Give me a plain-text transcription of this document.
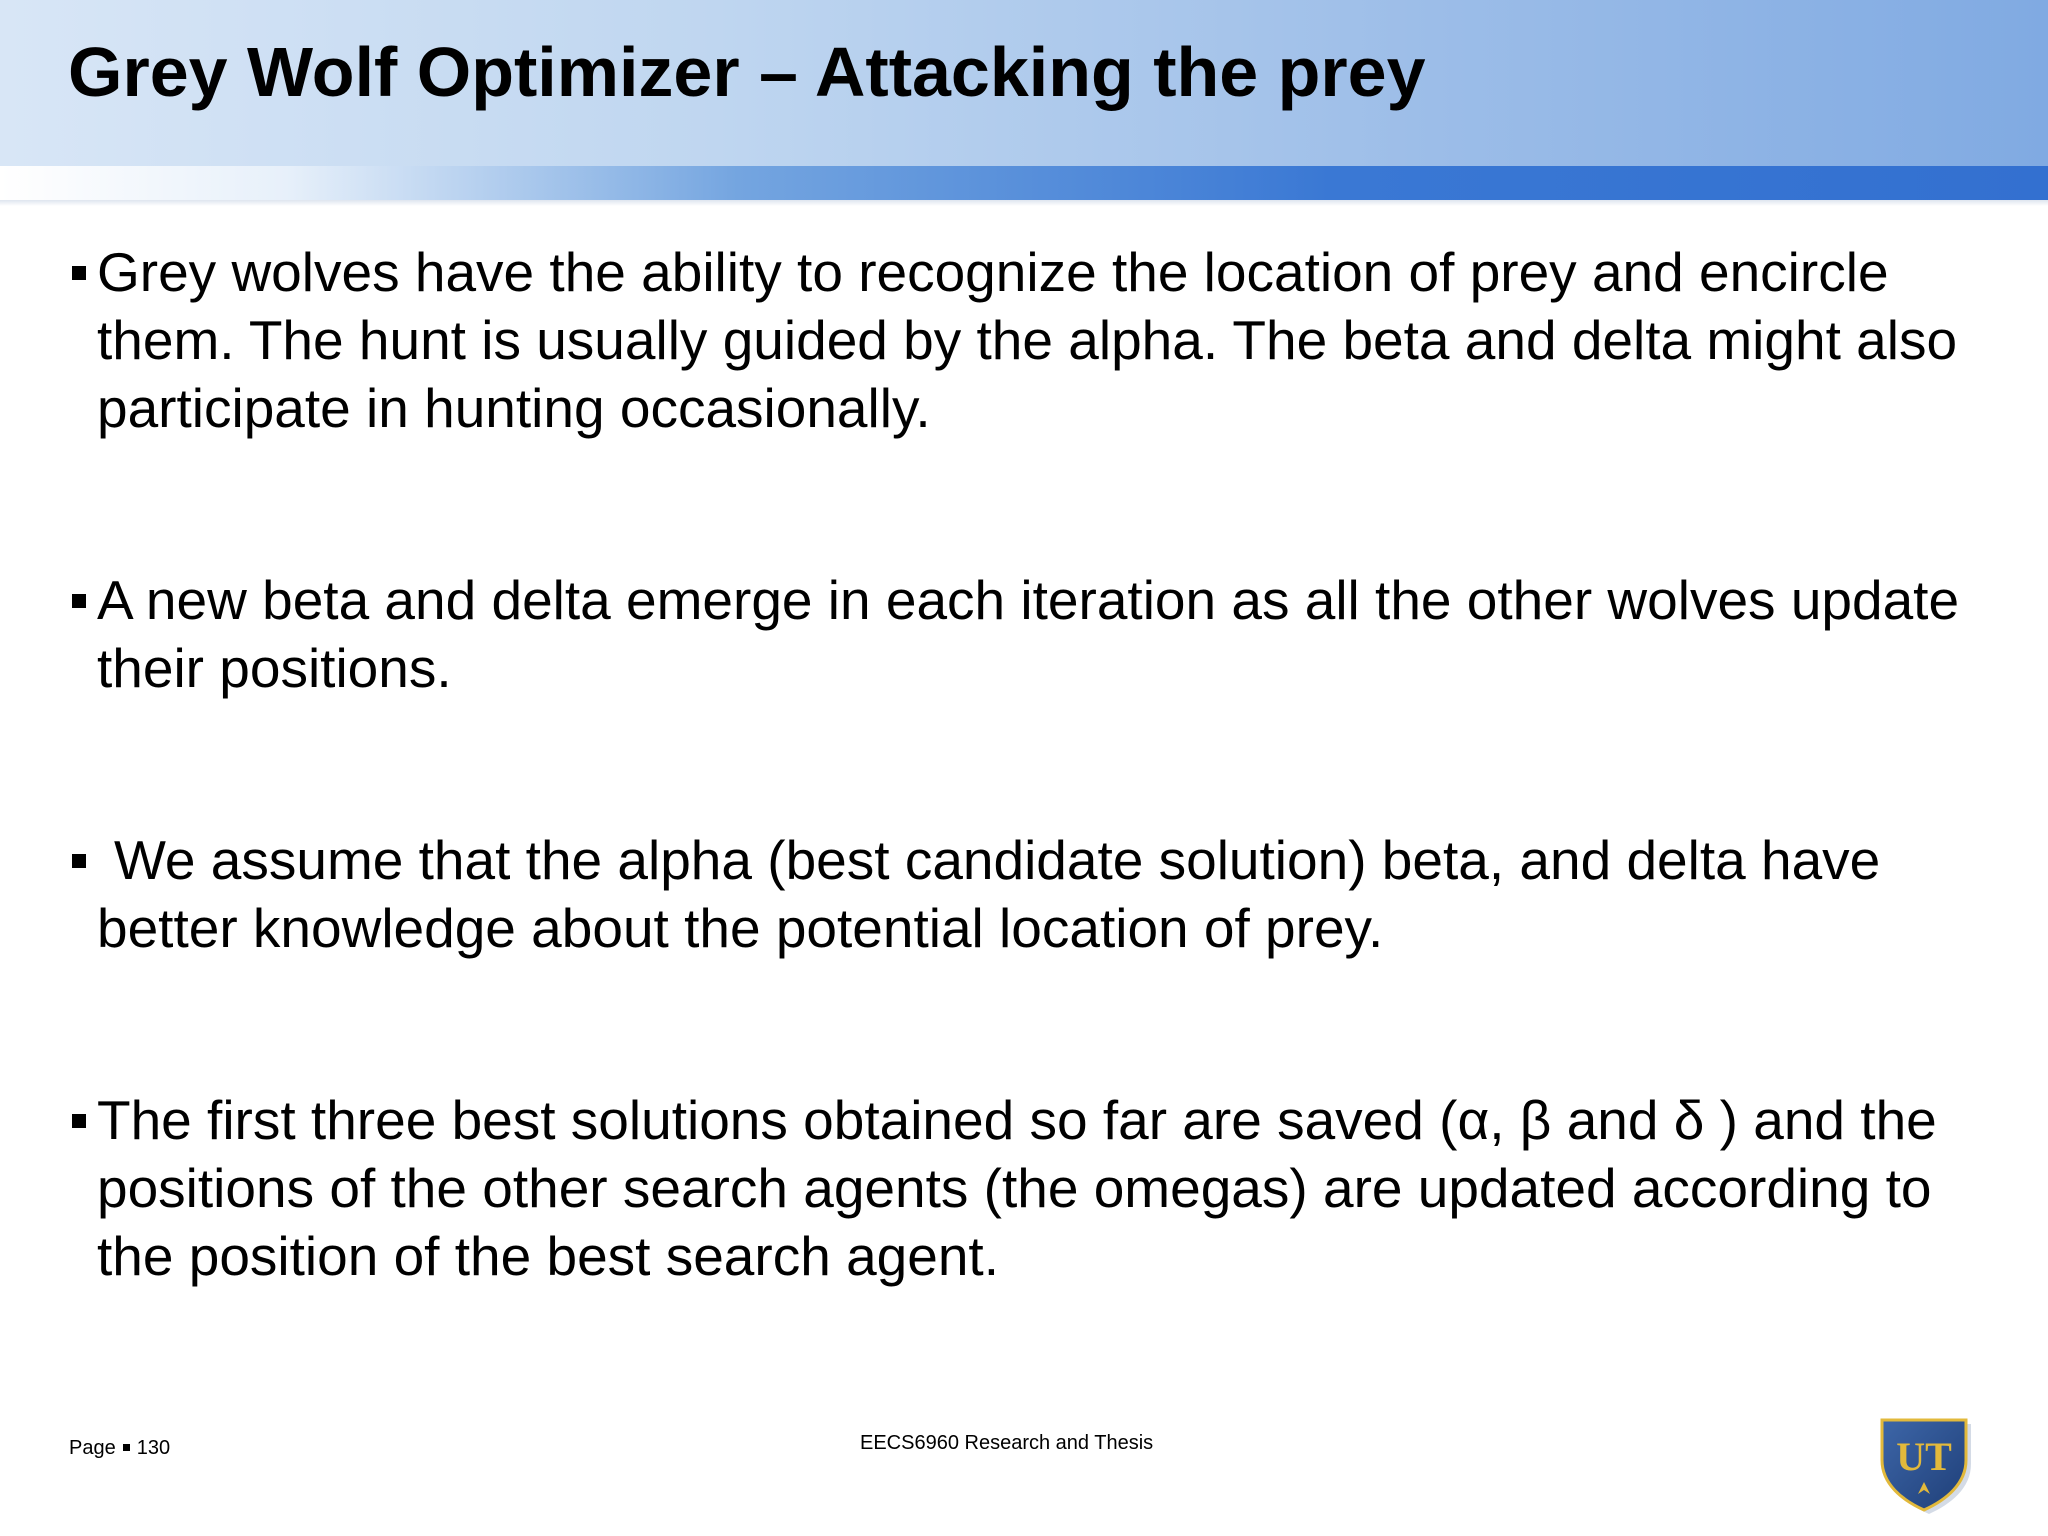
Grey Wolf Optimizer – Attacking the prey
Grey wolves have the ability to recognize the location of prey and encircle them. The hunt is usually guided by the alpha. The beta and delta might also participate in hunting occasionally.
A new beta and delta emerge in each iteration as all the other wolves update their positions.
We assume that the alpha (best candidate solution) beta, and delta have better knowledge about the potential location of prey.
The first three best solutions obtained so far are saved (α, β and δ ) and the positions of the other search agents (the omegas) are updated according to the position of the best search agent.
Page 130	EECS6960 Research and Thesis	UT
